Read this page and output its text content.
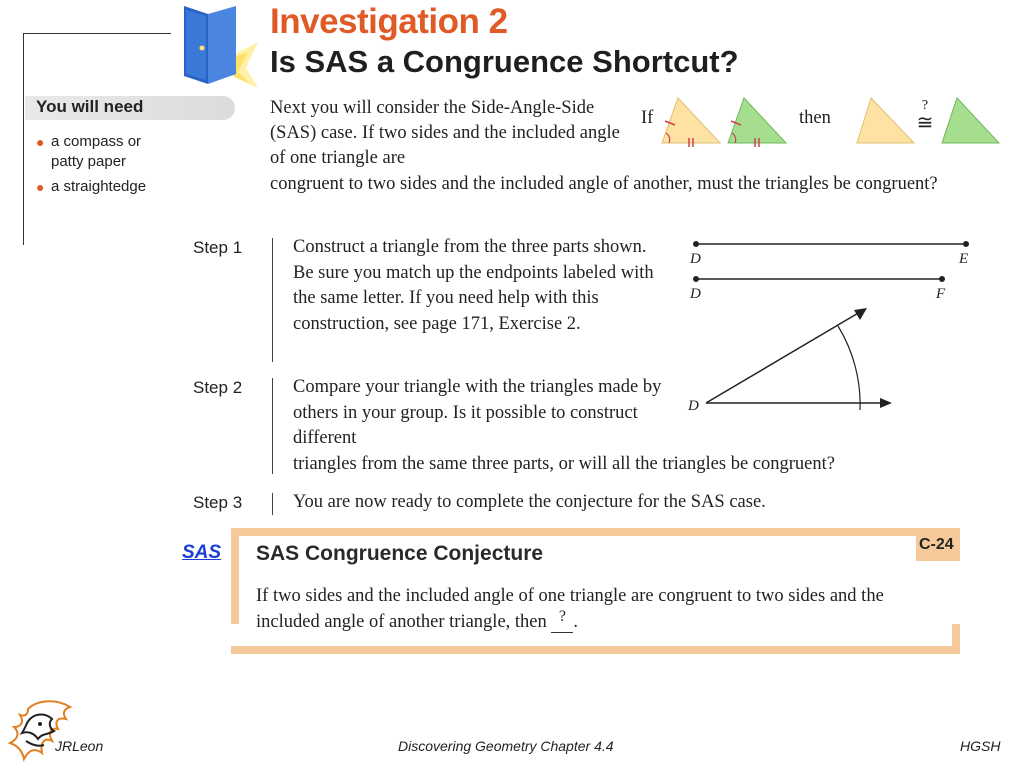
Investigation 2
Is SAS a Congruence Shortcut?
You will need
● a compass or patty paper
● a straightedge
Next you will consider the Side-Angle-Side (SAS) case. If two sides and the included angle of one triangle are
congruent to two sides and the included angle of another, must the triangles be congruent?
If	then
?
≅
Step 1	Construct a triangle from the three parts shown. Be sure you match up the endpoints labeled with the same letter. If you need help with this construction, see page 171, Exercise 2.
Step 2	Compare your triangle with the triangles made by others in your group. Is it possible to construct different
triangles from the same three parts, or will all the triangles be congruent?
Step 3	You are now ready to complete the conjecture for the SAS case.
D	E
D	F
D
C-24
SAS Congruence Conjecture
If two sides and the included angle of one triangle are congruent to two sides and the included angle of another triangle, then ? .
SAS
JRLeon	Discovering Geometry Chapter 4.4	HGSH
